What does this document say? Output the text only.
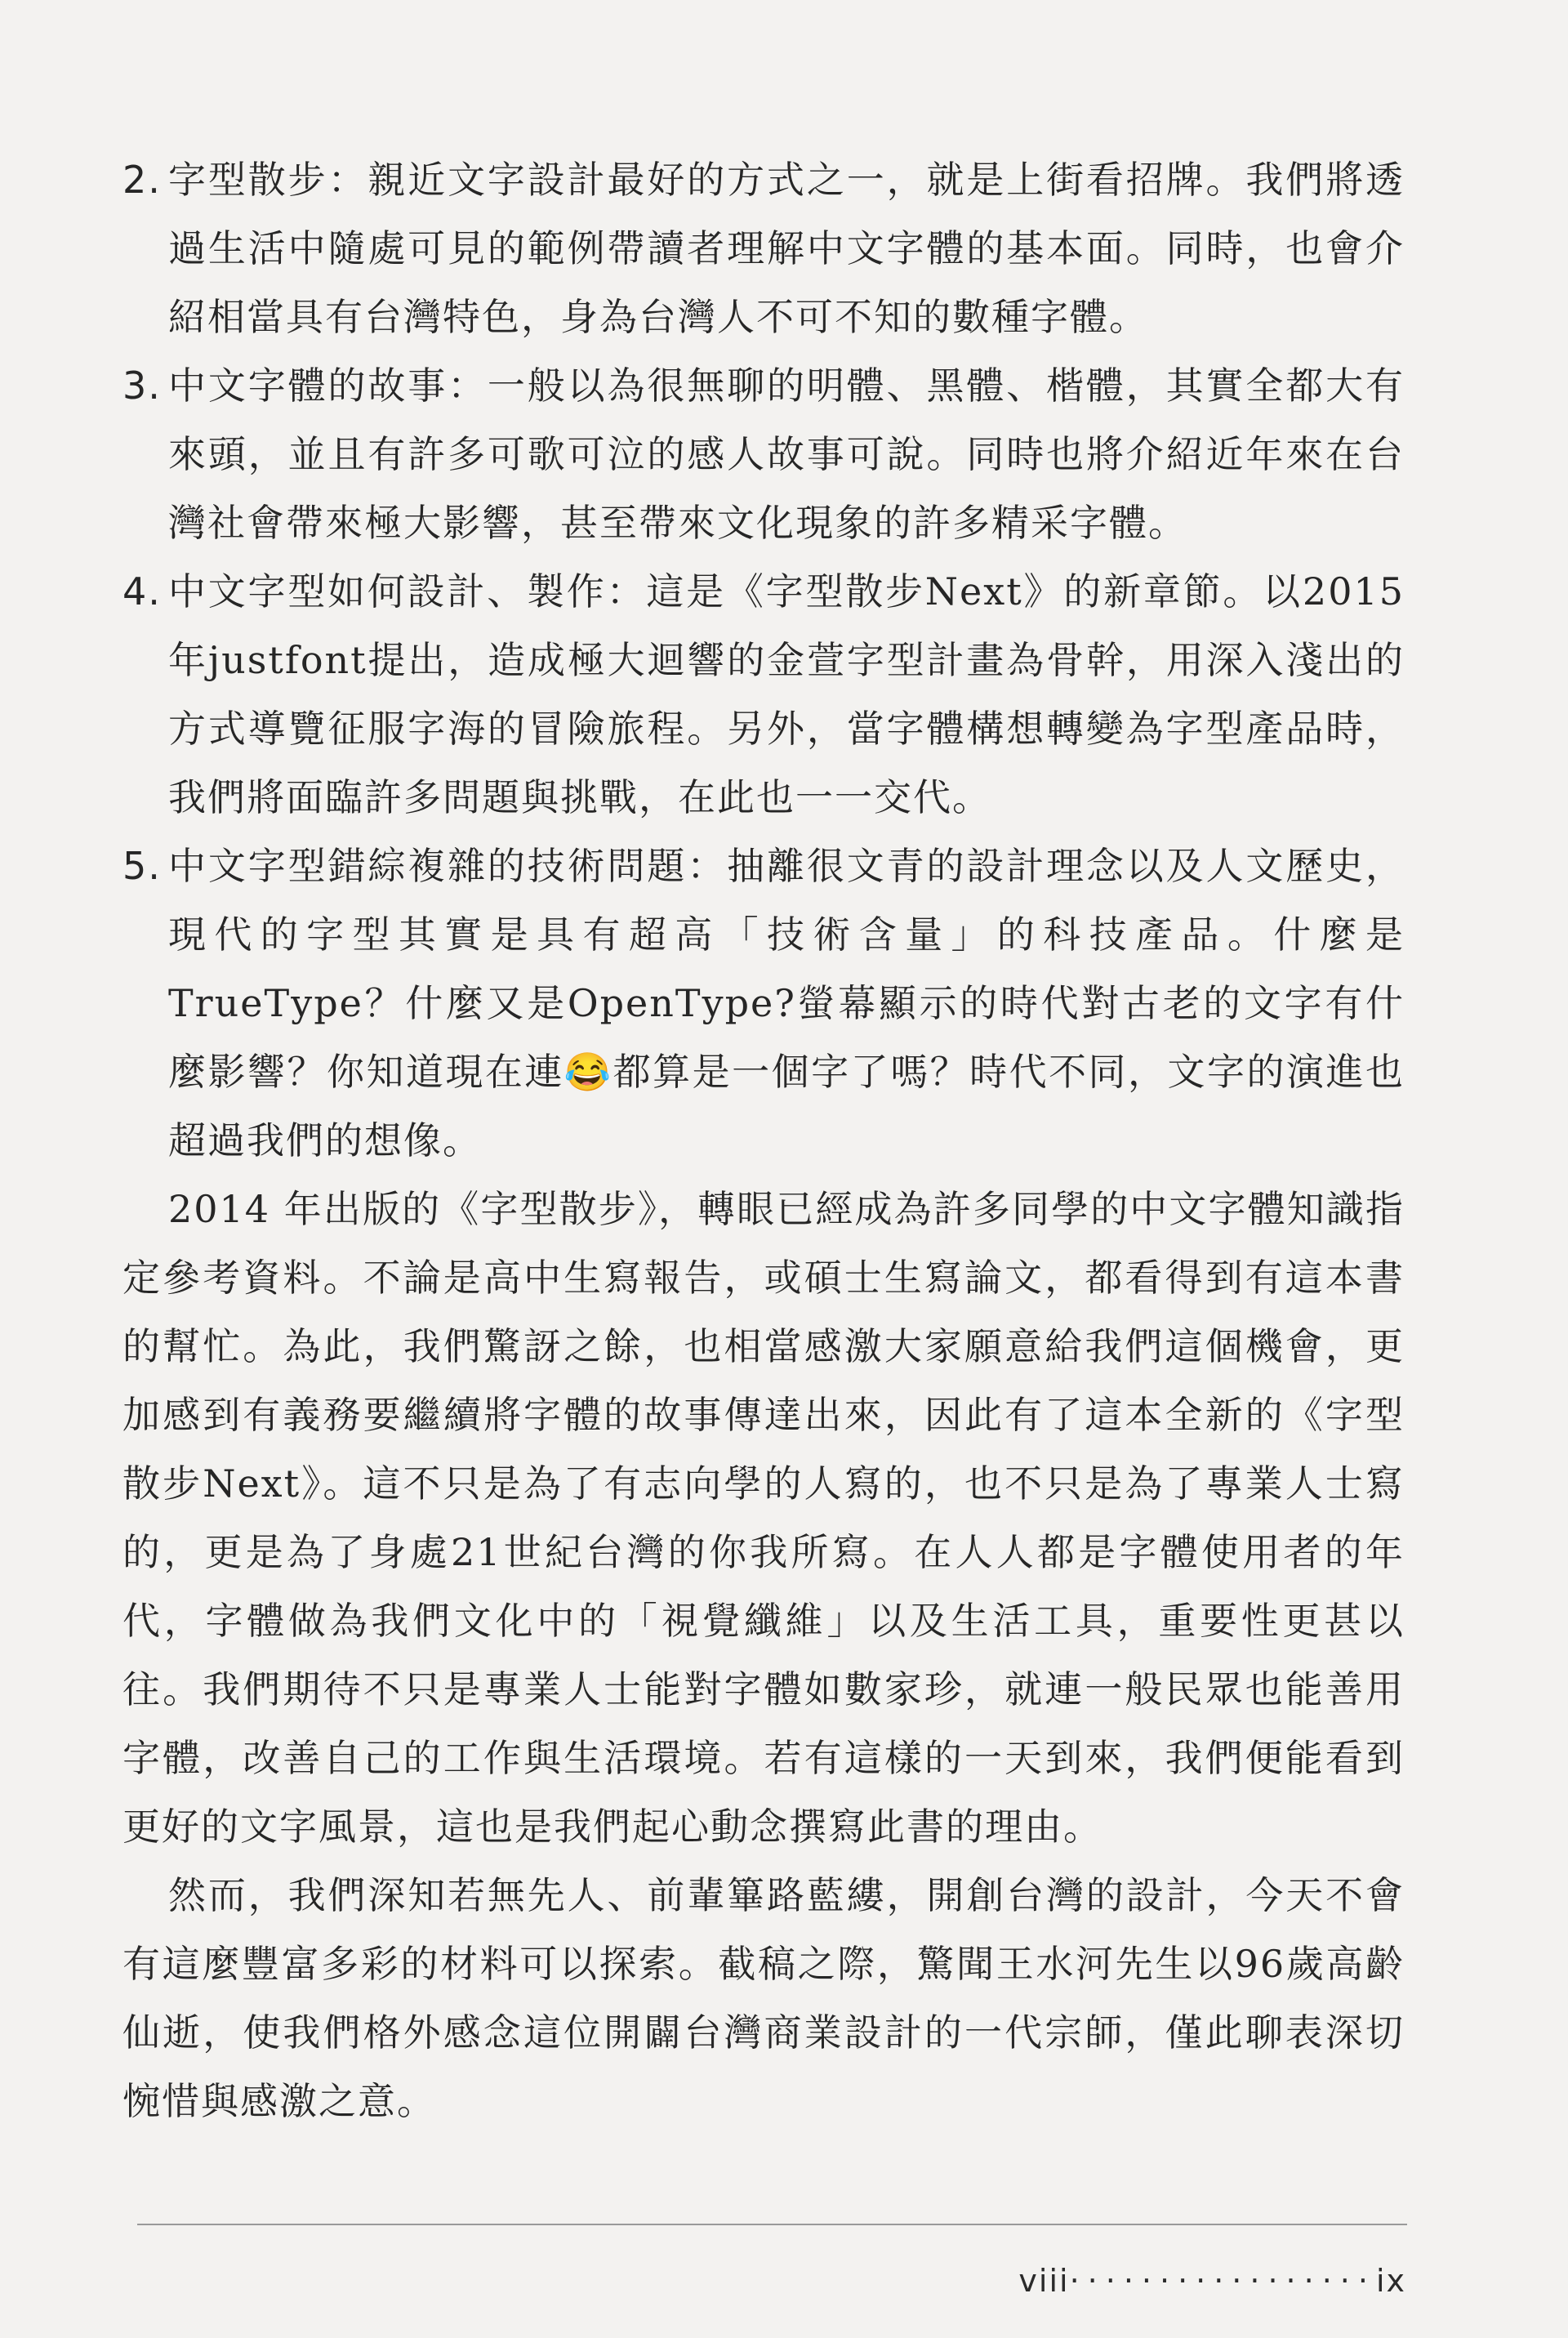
2. 字型散步：親近文字設計最好的方式之一，就是上街看招牌。我們將透過生活中隨處可見的範例帶讀者理解中文字體的基本面。同時，也會介紹相當具有台灣特色，身為台灣人不可不知的數種字體。
3. 中文字體的故事：一般以為很無聊的明體、黑體、楷體，其實全都大有來頭，並且有許多可歌可泣的感人故事可說。同時也將介紹近年來在台灣社會帶來極大影響，甚至帶來文化現象的許多精采字體。
4. 中文字型如何設計、製作：這是《字型散步Next》的新章節。以2015年justfont提出，造成極大迴響的金萱字型計畫為骨幹，用深入淺出的方式導覽征服字海的冒險旅程。另外，當字體構想轉變為字型產品時，我們將面臨許多問題與挑戰，在此也一一交代。
5. 中文字型錯綜複雜的技術問題：抽離很文青的設計理念以及人文歷史，現代的字型其實是具有超高「技術含量」的科技產品。什麼是TrueType？什麼又是OpenType?螢幕顯示的時代對古老的文字有什麼影響？你知道現在連😂都算是一個字了嗎？時代不同，文字的演進也超過我們的想像。

2014 年出版的《字型散步》，轉眼已經成為許多同學的中文字體知識指定參考資料。不論是高中生寫報告，或碩士生寫論文，都看得到有這本書的幫忙。為此，我們驚訝之餘，也相當感激大家願意給我們這個機會，更加感到有義務要繼續將字體的故事傳達出來，因此有了這本全新的《字型散步Next》。這不只是為了有志向學的人寫的，也不只是為了專業人士寫的，更是為了身處21世紀台灣的你我所寫。在人人都是字體使用者的年代，字體做為我們文化中的「視覺纖維」以及生活工具，重要性更甚以往。我們期待不只是專業人士能對字體如數家珍，就連一般民眾也能善用字體，改善自己的工作與生活環境。若有這樣的一天到來，我們便能看到更好的文字風景，這也是我們起心動念撰寫此書的理由。

然而，我們深知若無先人、前輩篳路藍縷，開創台灣的設計，今天不會有這麼豐富多彩的材料可以探索。截稿之際，驚聞王水河先生以96歲高齡仙逝，使我們格外感念這位開闢台灣商業設計的一代宗師，僅此聊表深切惋惜與感激之意。

viii·················ix
